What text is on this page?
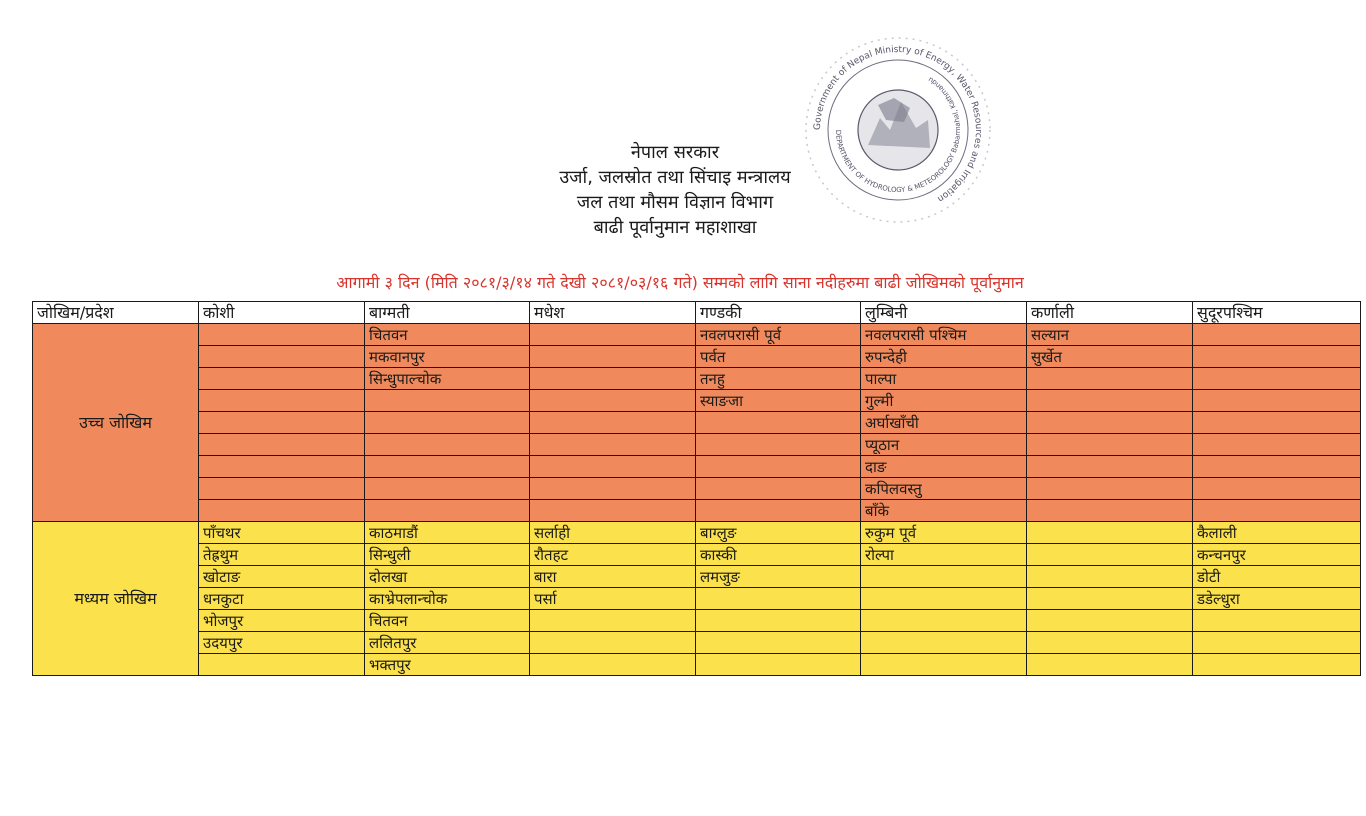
नेपाल सरकार
उर्जा, जलस्रोत तथा सिंचाइ मन्त्रालय
जल तथा मौसम विज्ञान विभाग
बाढी पूर्वानुमान महाशाखा
Government of Nepal Ministry of Energy, Water Resources and Irrigation
DEPARTMENT OF HYDROLOGY & METEOROLOGY Babarmahal, Kathmandu
आगामी ३ दिन (मिति २०८१/३/१४ गते देखी २०८१/०३/१६ गते) सम्मको लागि साना नदीहरुमा बाढी जोखिमको पूर्वानुमान
जोखिम/प्रदेश	कोशी	बाग्मती	मधेश	गण्डकी	लुम्बिनी	कर्णाली	सुदूरपश्चिम
उच्च जोखिम		चितवन		नवलपरासी पूर्व	नवलपरासी पश्चिम	सल्यान	
		मकवानपुर		पर्वत	रुपन्देही	सुर्खेत	
		सिन्धुपाल्चोक		तनहु	पाल्पा		
				स्याङजा	गुल्मी		
					अर्घाखाँची		
					प्यूठान		
					दाङ		
					कपिलवस्तु		
					बाँके		
मध्यम जोखिम	पाँचथर	काठमाडौं	सर्लाही	बाग्लुङ	रुकुम पूर्व		कैलाली
	तेह्रथुम	सिन्धुली	रौतहट	कास्की	रोल्पा		कन्चनपुर
	खोटाङ	दोलखा	बारा	लमजुङ			डोटी
	धनकुटा	काभ्रेपलान्चोक	पर्सा				डडेल्धुरा
	भोजपुर	चितवन					
	उदयपुर	ललितपुर					
		भक्तपुर					
